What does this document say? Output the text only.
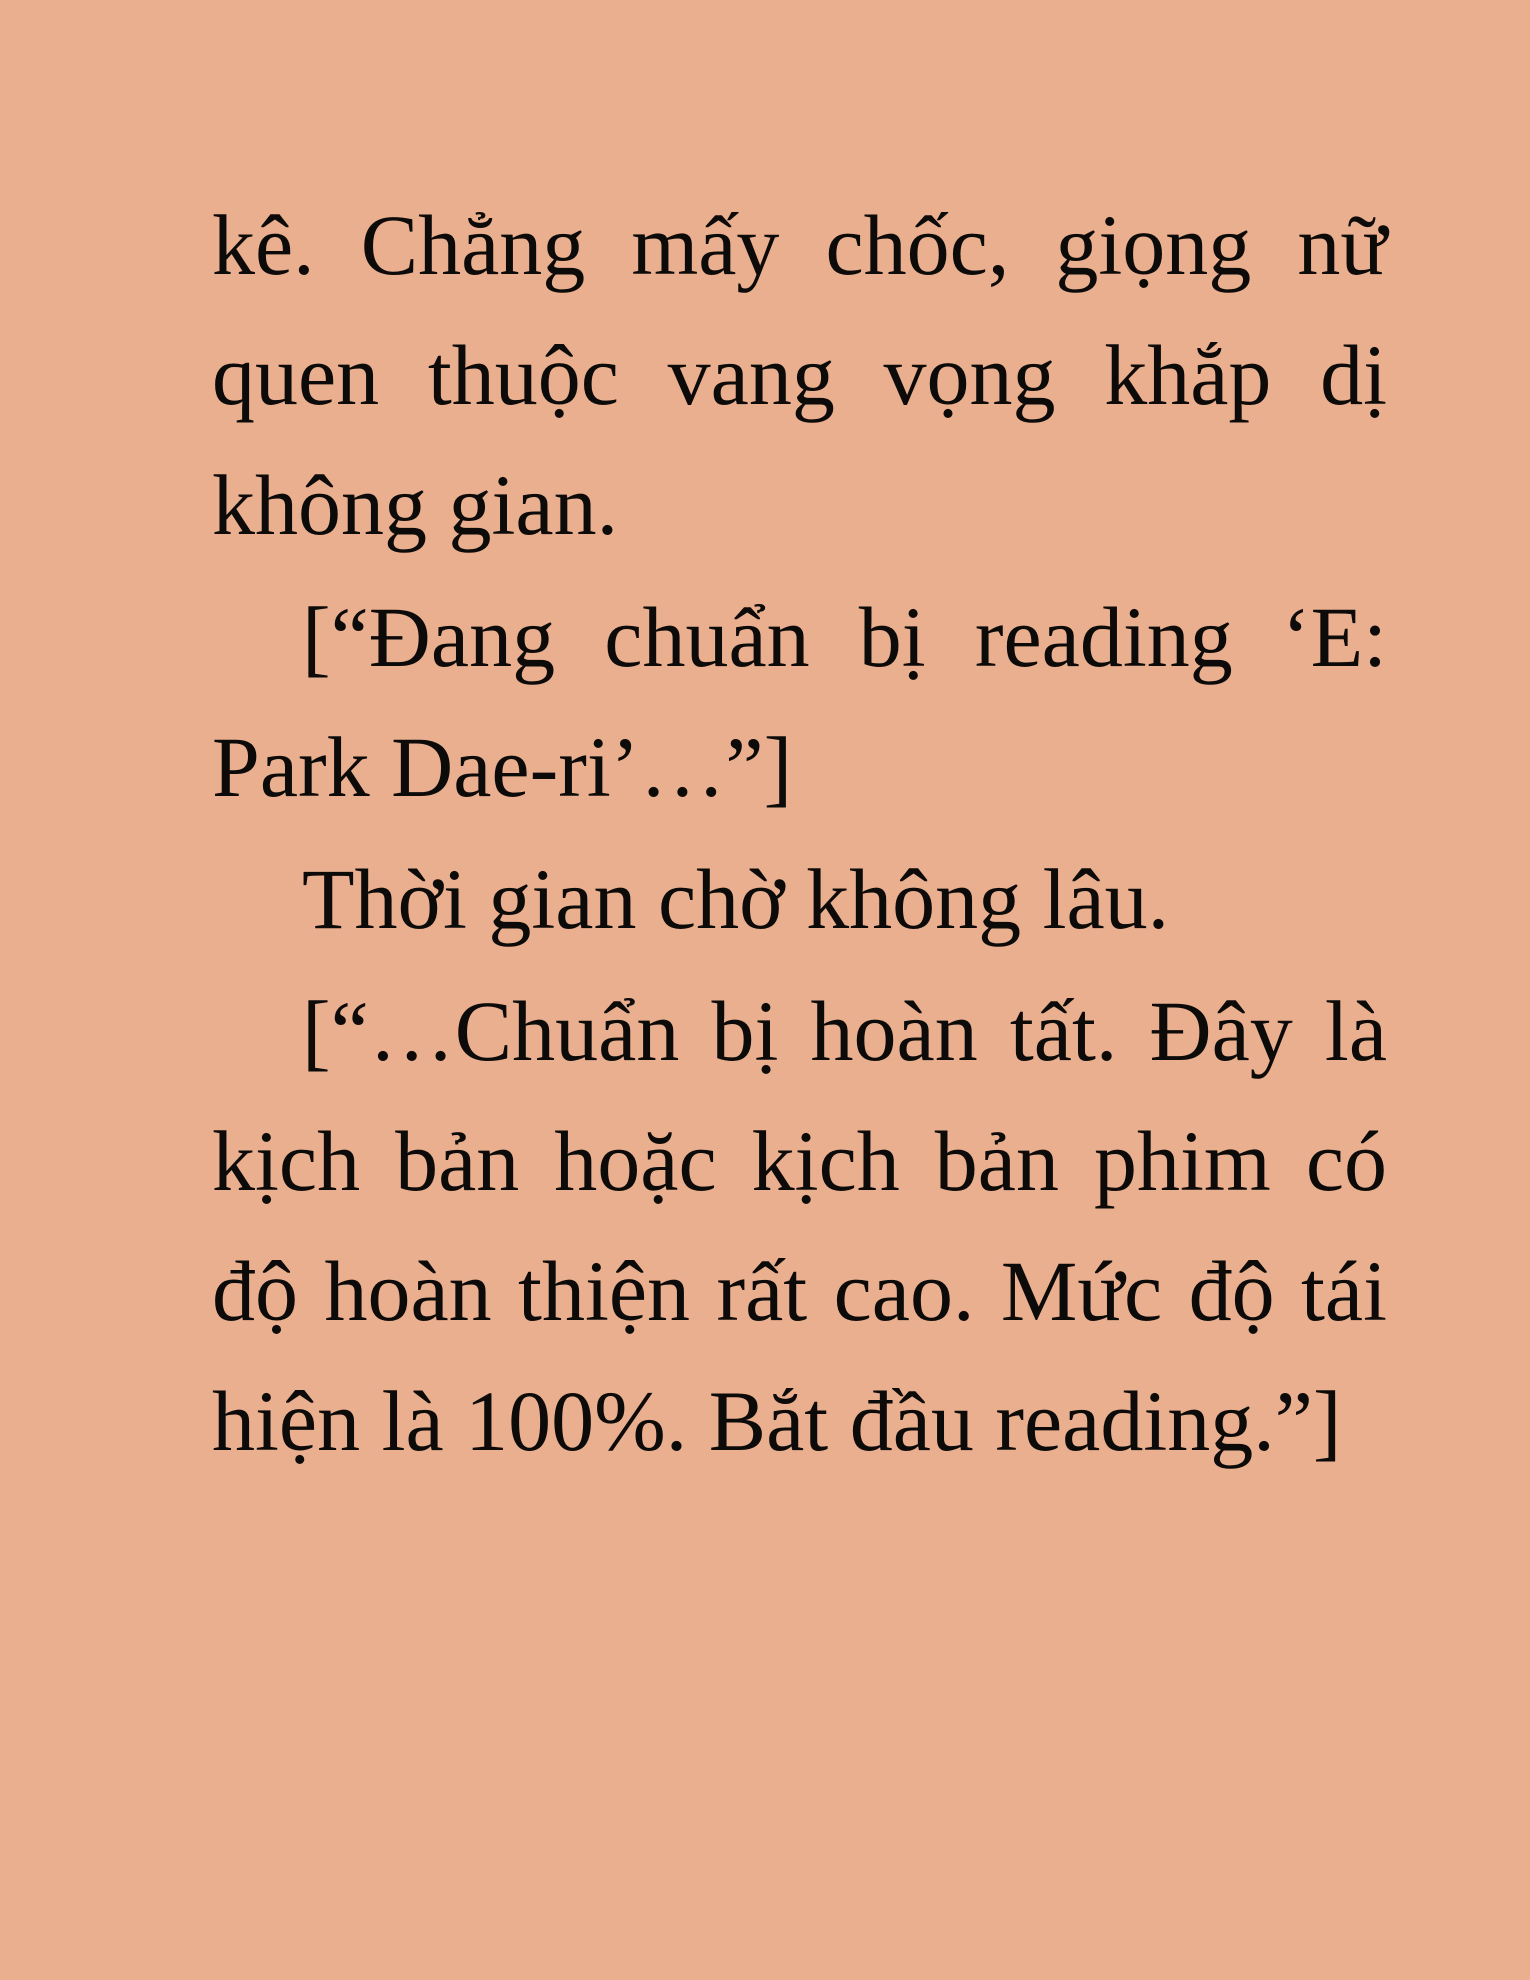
kê. Chẳng mấy chốc, giọng nữ quen thuộc vang vọng khắp dị không gian.

[“Đang chuẩn bị reading ‘E: Park Dae-ri’…”]

Thời gian chờ không lâu.

[“…Chuẩn bị hoàn tất. Đây là kịch bản hoặc kịch bản phim có độ hoàn thiện rất cao. Mức độ tái hiện là 100%. Bắt đầu reading.”]
